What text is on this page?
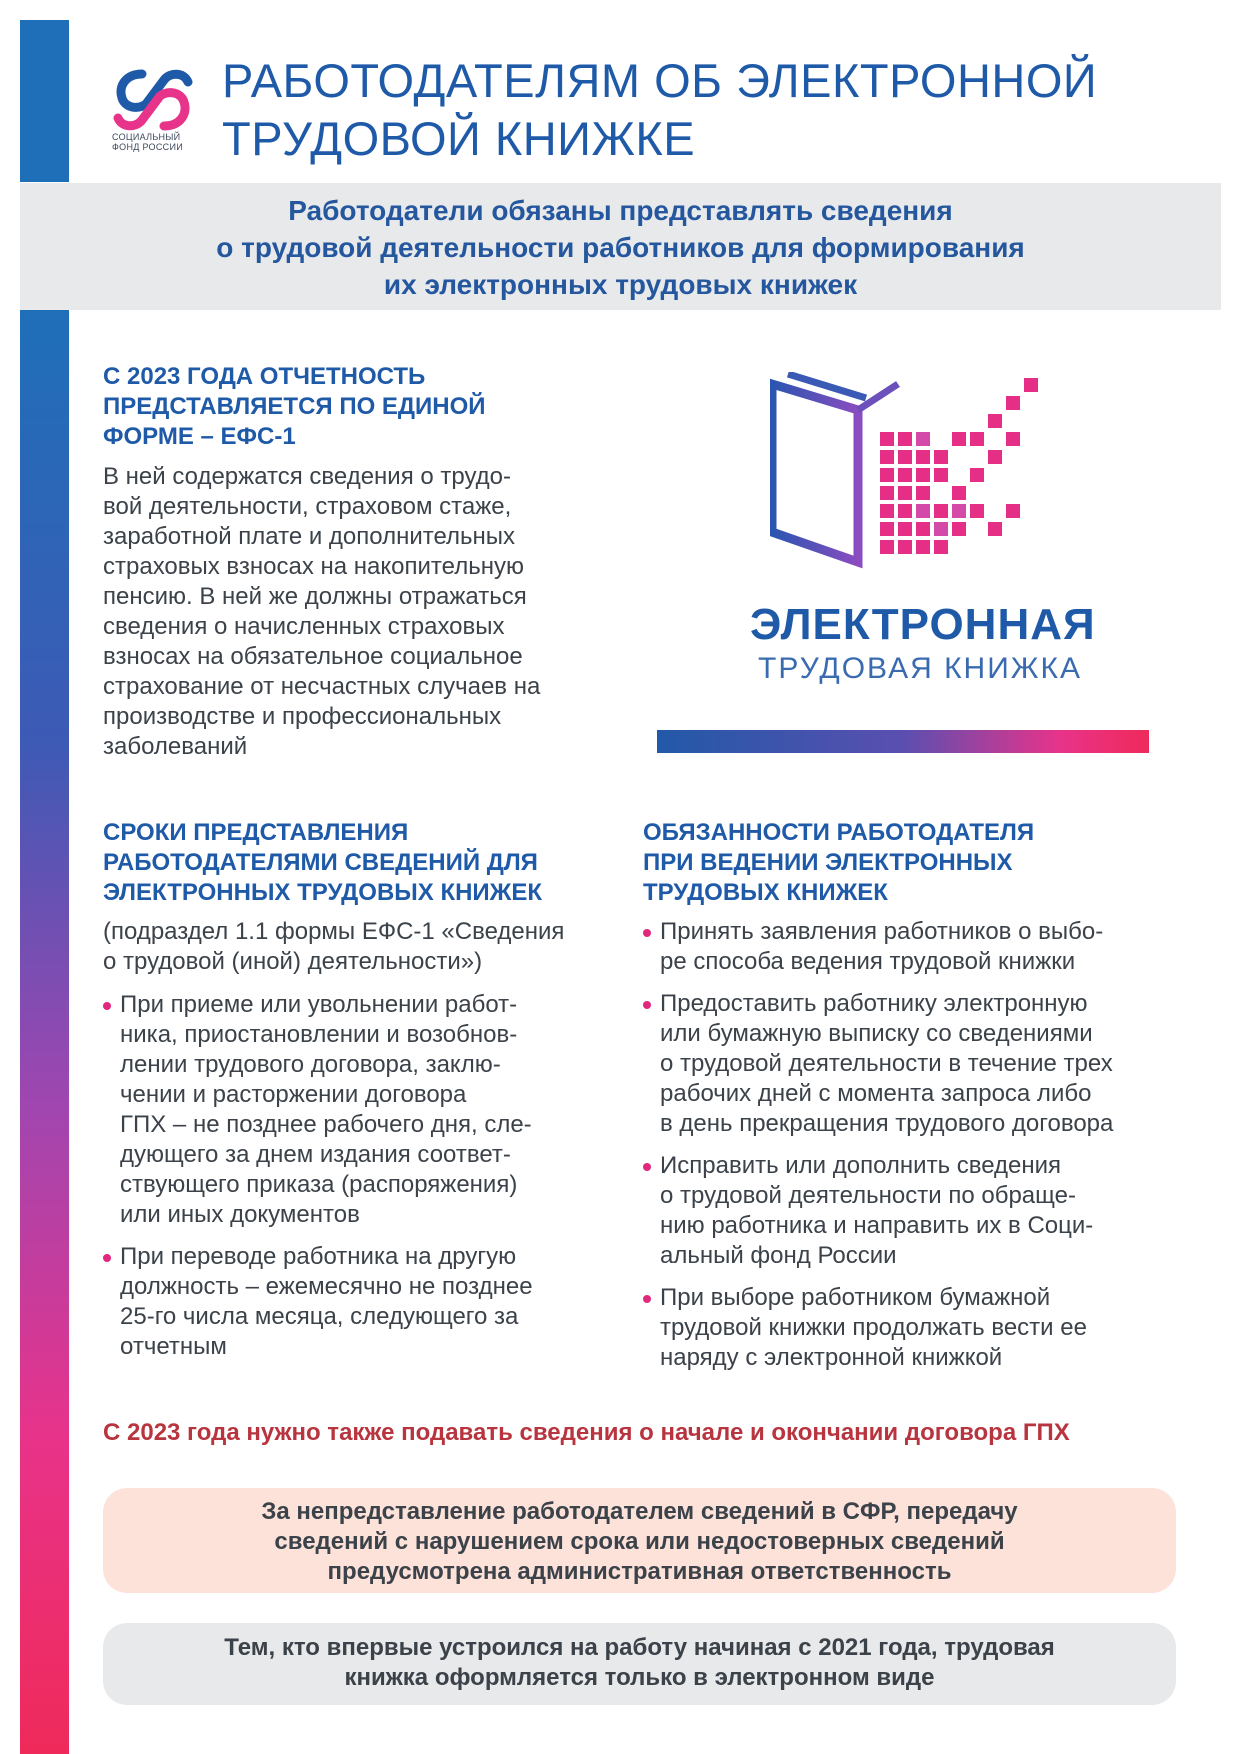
СОЦИАЛЬНЫЙ
ФОНД РОССИИ
РАБОТОДАТЕЛЯМ ОБ ЭЛЕКТРОННОЙ
ТРУДОВОЙ КНИЖКЕ
Работодатели обязаны представлять сведения
о трудовой деятельности работников для формирования
их электронных трудовых книжек
С 2023 ГОДА ОТЧЕТНОСТЬ
ПРЕДСТАВЛЯЕТСЯ ПО ЕДИНОЙ
ФОРМЕ – ЕФС-1
В ней содержатся сведения о трудо-
вой деятельности, страховом стаже,
заработной плате и дополнительных
страховых взносах на накопительную
пенсию. В ней же должны отражаться
сведения о начисленных страховых
взносах на обязательное социальное
страхование от несчастных случаев на
производстве и профессиональных
заболеваний
ЭЛЕКТРОННАЯ
ТРУДОВАЯ КНИЖКА
СРОКИ ПРЕДСТАВЛЕНИЯ
РАБОТОДАТЕЛЯМИ СВЕДЕНИЙ ДЛЯ
ЭЛЕКТРОННЫХ ТРУДОВЫХ КНИЖЕК
(подраздел 1.1 формы ЕФС-1 «Сведения
о трудовой (иной) деятельности»)
При приеме или увольнении работ-
ника, приостановлении и возобнов-
лении трудового договора, заклю-
чении и расторжении договора
ГПХ – не позднее рабочего дня, сле-
дующего за днем издания соответ-
ствующего приказа (распоряжения)
или иных документов
При переводе работника на другую
должность – ежемесячно не позднее
25-го числа месяца, следующего за
отчетным
ОБЯЗАННОСТИ РАБОТОДАТЕЛЯ
ПРИ ВЕДЕНИИ ЭЛЕКТРОННЫХ
ТРУДОВЫХ КНИЖЕК
Принять заявления работников о выбо-
ре способа ведения трудовой книжки
Предоставить работнику электронную
или бумажную выписку со сведениями
о трудовой деятельности в течение трех
рабочих дней с момента запроса либо
в день прекращения трудового договора
Исправить или дополнить сведения
о трудовой деятельности по обраще-
нию работника и направить их в Соци-
альный фонд России
При выборе работником бумажной
трудовой книжки продолжать вести ее
наряду с электронной книжкой
С 2023 года нужно также подавать сведения о начале и окончании договора ГПХ
За непредставление работодателем сведений в СФР, передачу
сведений с нарушением срока или недостоверных сведений
предусмотрена административная ответственность
Тем, кто впервые устроился на работу начиная с 2021 года, трудовая
книжка оформляется только в электронном виде
